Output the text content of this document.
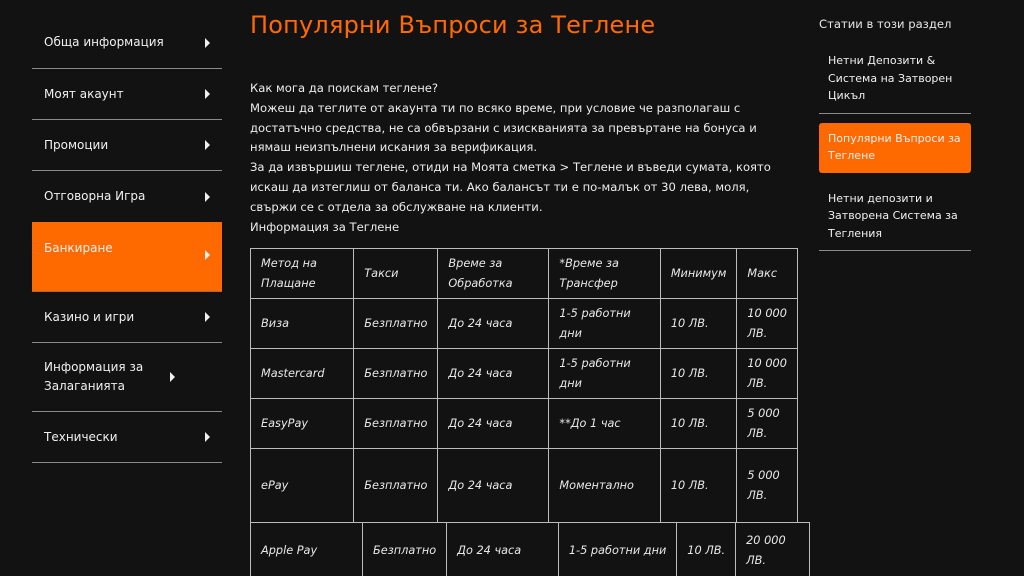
Обща информация
Моят акаунт
Промоции
Отговорна Игра
Банкиране
Казино и игри
Информация за Залаганията
Технически
Популярни Въпроси за Теглене

Как мога да поискам теглене?

Можеш да теглите от акаунта ти по всяко време, при условие че разполагаш с достатъчно средства, не са обвързани с изискванията за превъртане на бонуса и нямаш неизпълнени искания за верификация.

За да извършиш теглене, отиди на Моята сметка > Теглене и въведи сумата, която искаш да изтеглиш от баланса ти. Ако балансът ти е по-малък от 30 лева, моля, свържи се с отдела за обслужване на клиенти.

Информация за Теглене

Метод на Плащане	Такси	Време за Обработка	*Време за Трансфер	Минимум	Макс
Виза	Безплатно	До 24 часа	1-5 работни дни	10 ЛВ.	10 000 ЛВ.
Mastercard	Безплатно	До 24 часа	1-5 работни дни	10 ЛВ.	10 000 ЛВ.
EasyPay	Безплатно	До 24 часа	**До 1 час	10 ЛВ.	5 000 ЛВ.
ePay	Безплатно	До 24 часа	Моментално	10 ЛВ.	5 000 ЛВ.
Apple Pay	Безплатно	До 24 часа	1-5 работни дни	10 ЛВ.	20 000 ЛВ.
Статии в този раздел
Нетни Депозити & Система на Затворен Цикъл
Популярни Въпроси за Теглене
Нетни депозити и Затворена Система за Тегления
